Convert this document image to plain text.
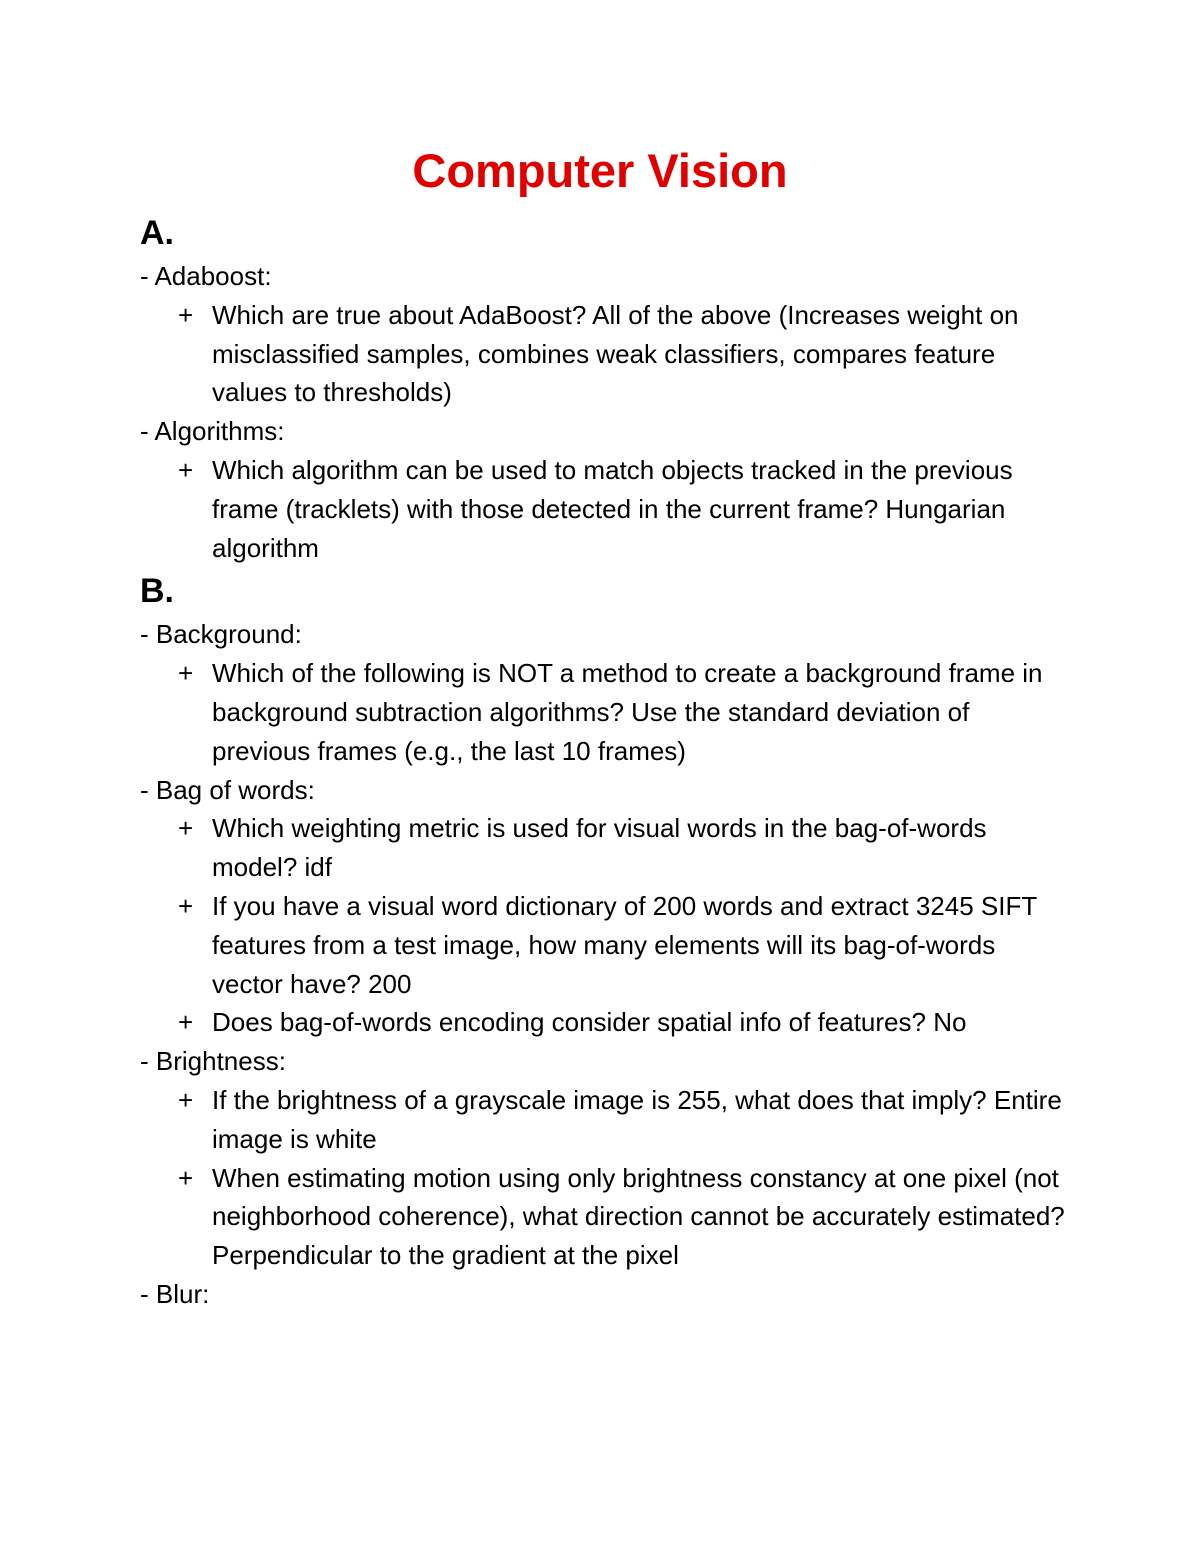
Computer Vision
A.
- Adaboost:
+ Which are true about AdaBoost? All of the above (Increases weight on misclassified samples, combines weak classifiers, compares feature values to thresholds)
- Algorithms:
+ Which algorithm can be used to match objects tracked in the previous frame (tracklets) with those detected in the current frame? Hungarian algorithm
B.
- Background:
+ Which of the following is NOT a method to create a background frame in background subtraction algorithms? Use the standard deviation of previous frames (e.g., the last 10 frames)
- Bag of words:
+ Which weighting metric is used for visual words in the bag-of-words model? idf
+ If you have a visual word dictionary of 200 words and extract 3245 SIFT features from a test image, how many elements will its bag-of-words vector have? 200
+ Does bag-of-words encoding consider spatial info of features? No
- Brightness:
+ If the brightness of a grayscale image is 255, what does that imply? Entire image is white
+ When estimating motion using only brightness constancy at one pixel (not neighborhood coherence), what direction cannot be accurately estimated? Perpendicular to the gradient at the pixel
- Blur:
